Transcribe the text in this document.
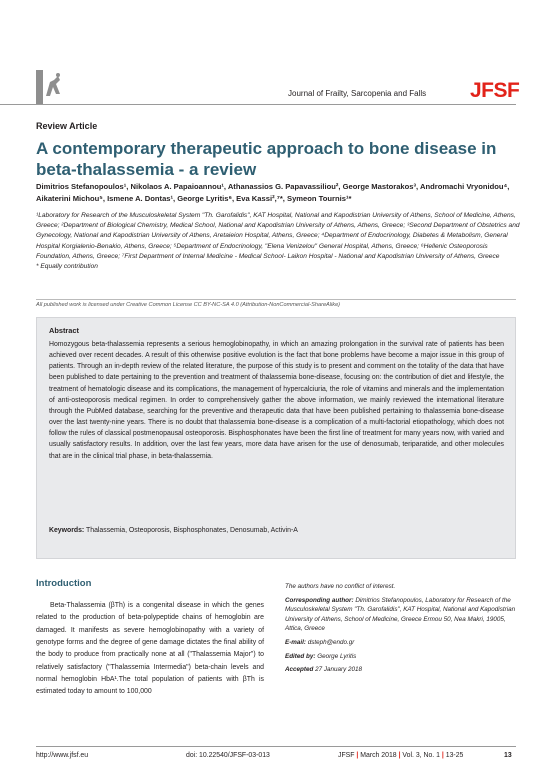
Journal of Frailty, Sarcopenia and Falls JFSF
Review Article
A contemporary therapeutic approach to bone disease in beta-thalassemia - a review
Dimitrios Stefanopoulos¹, Nikolaos A. Papaioannou¹, Athanassios G. Papavassiliou², George Mastorakos³, Andromachi Vryonidou⁴, Aikaterini Michou⁵, Ismene A. Dontas¹, George Lyritis⁶, Eva Kassi²,⁷*, Symeon Tournis¹*
¹Laboratory for Research of the Musculoskeletal System "Th. Garofalidis", KAT Hospital, National and Kapodistrian University of Athens, School of Medicine, Athens, Greece; ²Department of Biological Chemistry, Medical School, National and Kapodistrian University of Athens, Athens, Greece; ³Second Department of Obstetrics and Gynecology, National and Kapodistrian University of Athens, Aretaieion Hospital, Athens, Greece; ⁴Department of Endocrinology, Diabetes & Metabolism, General Hospital Korgialenio-Benakio, Athens, Greece; ⁵Department of Endocrinology, "Elena Venizelou" General Hospital, Athens, Greece; ⁶Hellenic Osteoporosis Foundation, Athens, Greece; ⁷First Department of Internal Medicine - Medical School- Laikon Hospital - National and Kapodistrian University of Athens, Greece
* Equally contribution
All published work is licensed under Creative Common License CC BY-NC-SA 4.0 (Attribution-NonCommercial-ShareAlike)
Abstract
Homozygous beta-thalassemia represents a serious hemoglobinopathy, in which an amazing prolongation in the survival rate of patients has been achieved over recent decades. A result of this otherwise positive evolution is the fact that bone problems have become a major issue in this group of patients. Through an in-depth review of the related literature, the purpose of this study is to present and comment on the totality of the data that have been published to date pertaining to the prevention and treatment of thalassemia bone-disease, focusing on: the contribution of diet and lifestyle, the treatment of hematologic disease and its complications, the management of hypercalciuria, the role of vitamins and minerals and the implementation of anti-osteoporosis medical regimen. In order to comprehensively gather the above information, we mainly reviewed the international literature through the PubMed database, searching for the preventive and therapeutic data that have been published pertaining to thalassemia bone-disease over the last twenty-nine years. There is no doubt that thalassemia bone-disease is a complication of a multi-factorial etiopathology, which does not follow the rules of classical postmenopausal osteoporosis. Bisphosphonates have been the first line of treatment for many years now, with varied and usually satisfactory results. In addition, over the last few years, more data have arisen for the use of denosumab, teriparatide, and other molecules that are in the clinical trial phase, in beta-thalassemia.
Keywords: Thalassemia, Osteoporosis, Bisphosphonates, Denosumab, Activin-A
Introduction
Beta-Thalassemia (βTh) is a congenital disease in which the genes related to the production of beta-polypeptide chains of hemoglobin are damaged. It manifests as severe hemoglobinopathy with a variety of genotype forms and the degree of gene damage dictates the final ability of the body to produce from practically none at all ("Thalassemia Major") to relatively satisfactory ("Thalassemia Intermedia") beta-chain levels and normal hemoglobin HbA¹.The total population of patients with βTh is estimated today to amount to 100,000

The authors have no conflict of interest.

Corresponding author: Dimitrios Stefanopoulos, Laboratory for Research of the Musculoskeletal System "Th. Garofalidis", KAT Hospital, National and Kapodistrian University of Athens, School of Medicine, Greece Ermou 50, Nea Makri, 19005, Attica, Greece

E-mail: dsteph@endo.gr

Edited by: George Lyritis

Accepted 27 January 2018

http://www.jfsf.eu	doi: 10.22540/JFSF-03-013	JFSF | March 2018 | Vol. 3, No. 1 | 13-25	13
